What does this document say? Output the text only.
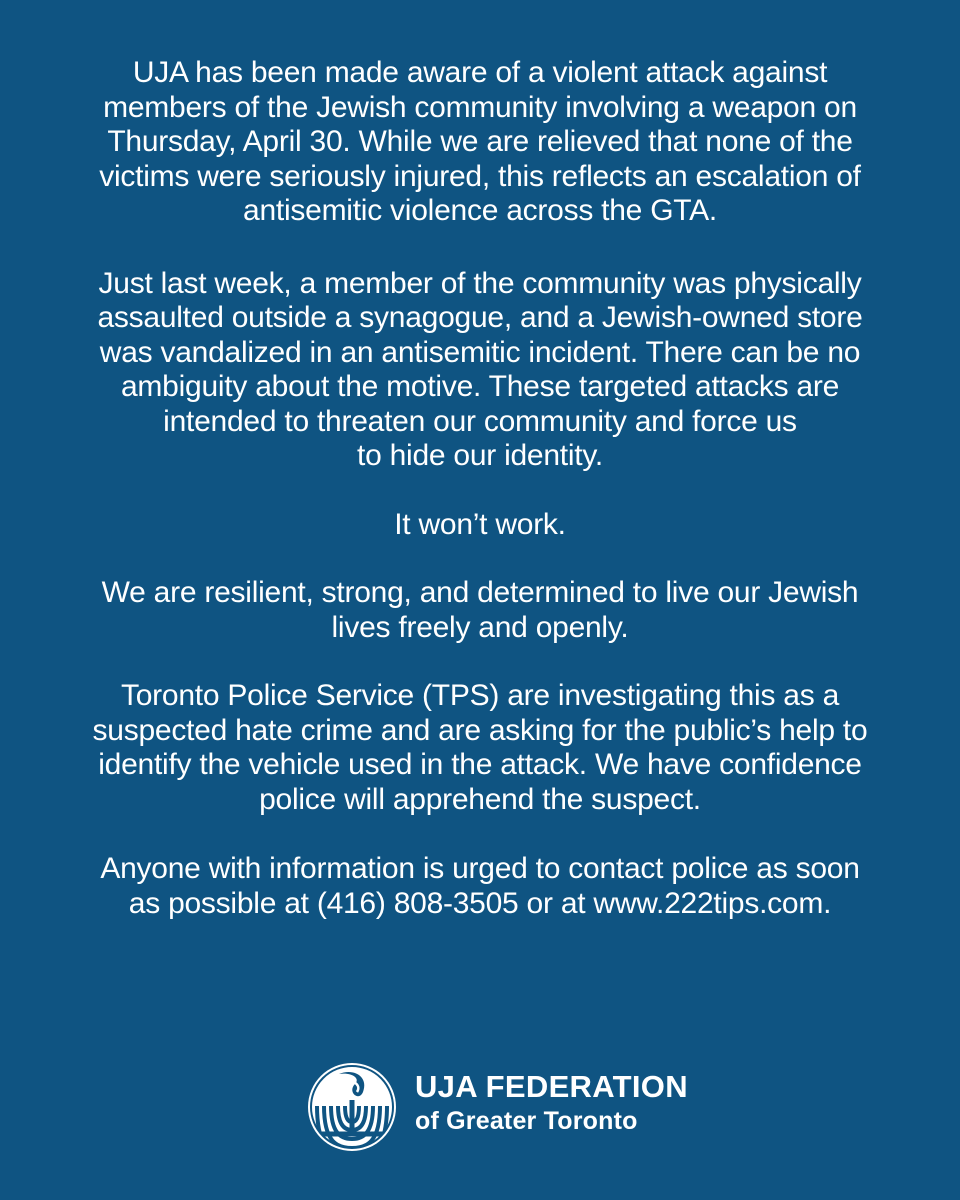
UJA has been made aware of a violent attack against
members of the Jewish community involving a weapon on
Thursday, April 30. While we are relieved that none of the
victims were seriously injured, this reflects an escalation of
antisemitic violence across the GTA.

Just last week, a member of the community was physically
assaulted outside a synagogue, and a Jewish-owned store
was vandalized in an antisemitic incident. There can be no
ambiguity about the motive. These targeted attacks are
intended to threaten our community and force us
to hide our identity.

It won’t work.

We are resilient, strong, and determined to live our Jewish
lives freely and openly.

Toronto Police Service (TPS) are investigating this as a
suspected hate crime and are asking for the public’s help to
identify the vehicle used in the attack. We have confidence
police will apprehend the suspect.

Anyone with information is urged to contact police as soon
as possible at (416) 808-3505 or at www.222tips.com.

UJA FEDERATION
of Greater Toronto
